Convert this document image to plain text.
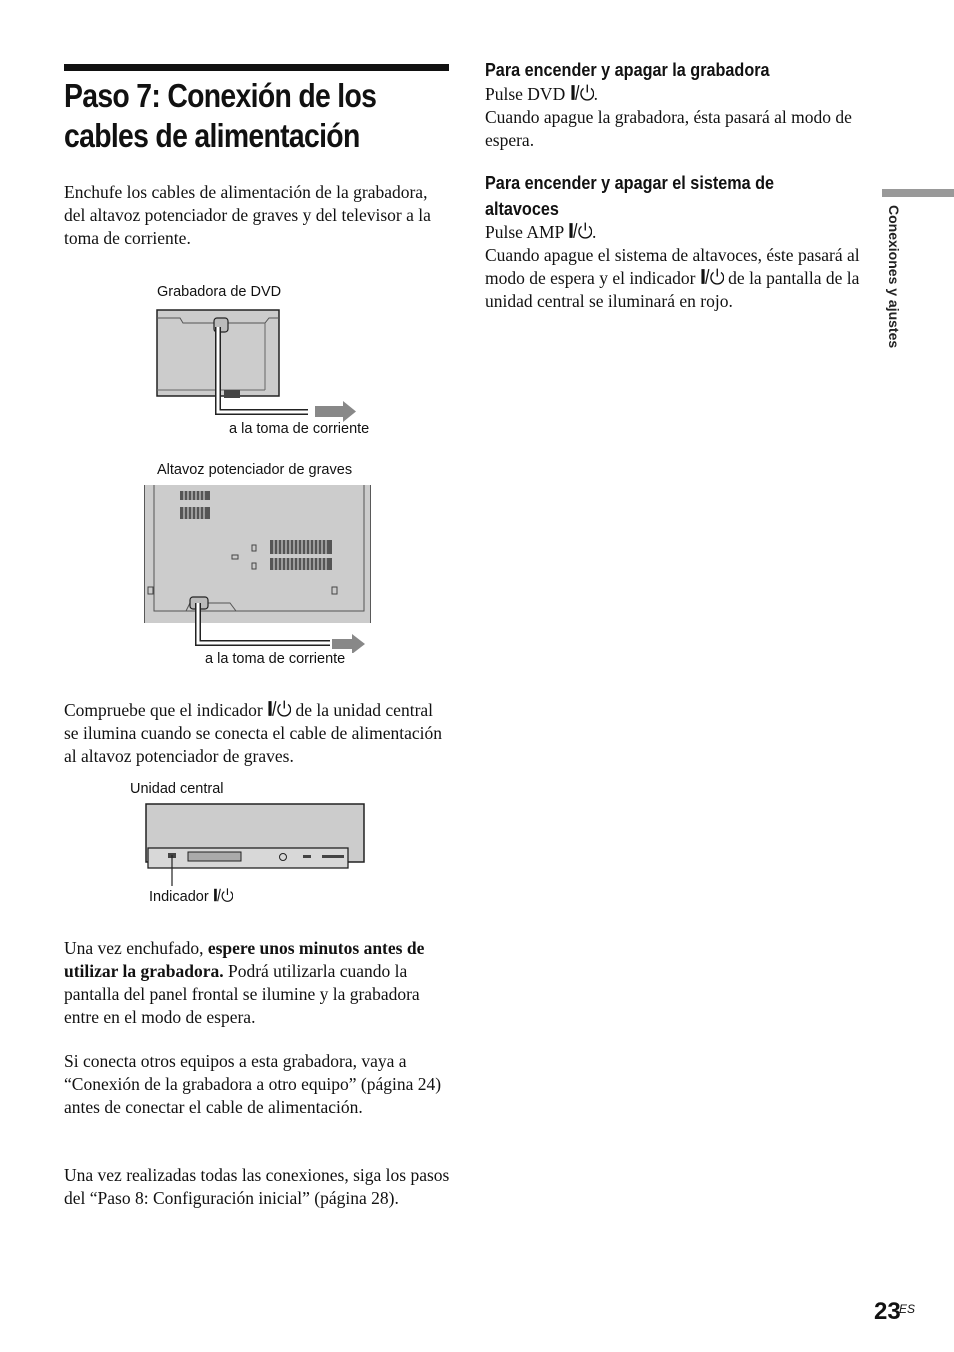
Paso 7: Conexión de los cables de alimentación
Enchufe los cables de alimentación de la grabadora, del altavoz potenciador de graves y del televisor a la toma de corriente.
Grabadora de DVD
a la toma de corriente
Altavoz potenciador de graves
a la toma de corriente
Compruebe que el indicador de la unidad central se ilumina cuando se conecta el cable de alimentación al altavoz potenciador de graves.
Unidad central
Indicador
Una vez enchufado, espere unos minutos antes de utilizar la grabadora. Podrá utilizarla cuando la pantalla del panel frontal se ilumine y la grabadora entre en el modo de espera.
Si conecta otros equipos a esta grabadora, vaya a “Conexión de la grabadora a otro equipo” (página 24) antes de conectar el cable de alimentación.
Una vez realizadas todas las conexiones, siga los pasos del “Paso 8: Configuración inicial” (página 28).
Para encender y apagar la grabadora
Pulse DVD .
Cuando apague la grabadora, ésta pasará al modo de espera.
Para encender y apagar el sistema de altavoces
Pulse AMP .
Cuando apague el sistema de altavoces, éste pasará al modo de espera y el indicador de la pantalla de la unidad central se iluminará en rojo.	Conexiones y ajustes
23
ES
